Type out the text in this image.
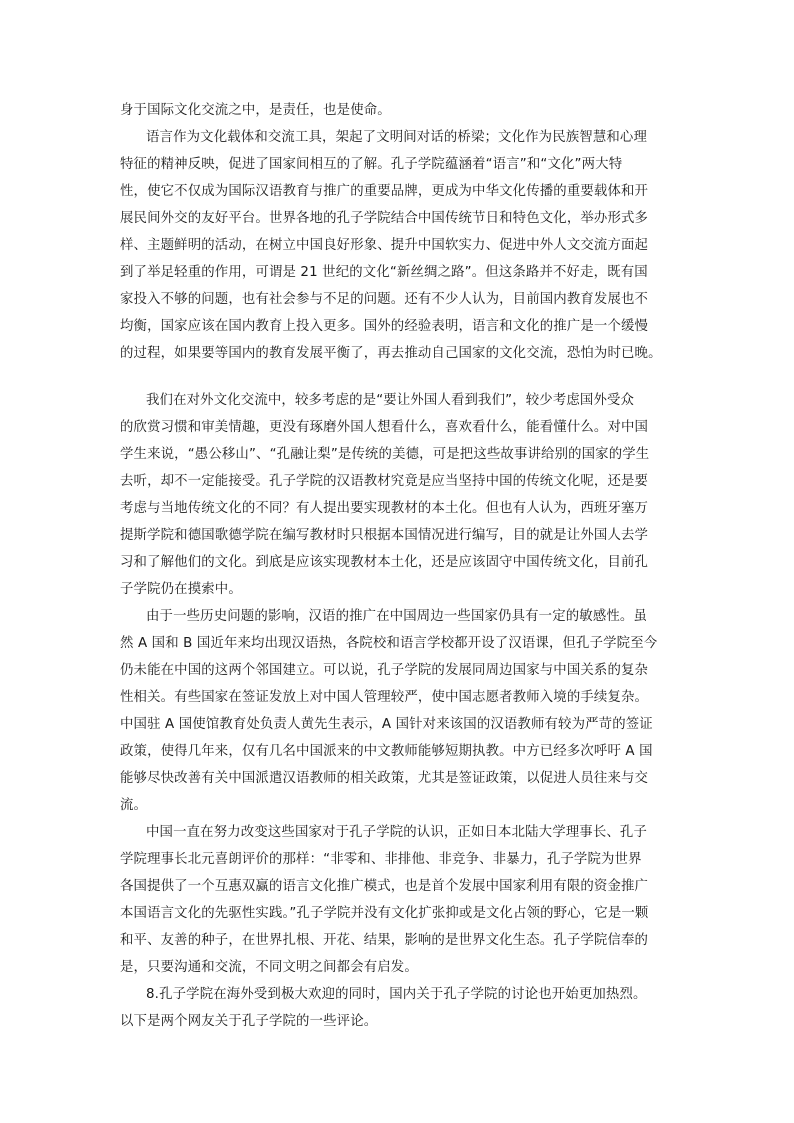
身于国际文化交流之中，是责任，也是使命。
语言作为文化载体和交流工具，架起了文明间对话的桥梁；文化作为民族智慧和心理
特征的精神反映，促进了国家间相互的了解。孔子学院蕴涵着“语言”和“文化”两大特
性，使它不仅成为国际汉语教育与推广的重要品牌，更成为中华文化传播的重要载体和开
展民间外交的友好平台。世界各地的孔子学院结合中国传统节日和特色文化，举办形式多
样、主题鲜明的活动，在树立中国良好形象、提升中国软实力、促进中外人文交流方面起
到了举足轻重的作用，可谓是 21 世纪的文化“新丝绸之路”。但这条路并不好走，既有国
家投入不够的问题，也有社会参与不足的问题。还有不少人认为，目前国内教育发展也不
均衡，国家应该在国内教育上投入更多。国外的经验表明，语言和文化的推广是一个缓慢
的过程，如果要等国内的教育发展平衡了，再去推动自己国家的文化交流，恐怕为时已晚。
我们在对外文化交流中，较多考虑的是“要让外国人看到我们”，较少考虑国外受众
的欣赏习惯和审美情趣，更没有琢磨外国人想看什么，喜欢看什么，能看懂什么。对中国
学生来说，“愚公移山”、“孔融让梨”是传统的美德，可是把这些故事讲给别的国家的学生
去听，却不一定能接受。孔子学院的汉语教材究竟是应当坚持中国的传统文化呢，还是要
考虑与当地传统文化的不同？有人提出要实现教材的本土化。但也有人认为，西班牙塞万
提斯学院和德国歌德学院在编写教材时只根据本国情况进行编写，目的就是让外国人去学
习和了解他们的文化。到底是应该实现教材本土化，还是应该固守中国传统文化，目前孔
子学院仍在摸索中。
由于一些历史问题的影响，汉语的推广在中国周边一些国家仍具有一定的敏感性。虽
然 A 国和 B 国近年来均出现汉语热，各院校和语言学校都开设了汉语课，但孔子学院至今
仍未能在中国的这两个邻国建立。可以说，孔子学院的发展同周边国家与中国关系的复杂
性相关。有些国家在签证发放上对中国人管理较严，使中国志愿者教师入境的手续复杂。
中国驻 A 国使馆教育处负责人黄先生表示，A 国针对来该国的汉语教师有较为严苛的签证
政策，使得几年来，仅有几名中国派来的中文教师能够短期执教。中方已经多次呼吁 A 国
能够尽快改善有关中国派遣汉语教师的相关政策，尤其是签证政策，以促进人员往来与交
流。
中国一直在努力改变这些国家对于孔子学院的认识，正如日本北陆大学理事长、孔子
学院理事长北元喜朗评价的那样：“非零和、非排他、非竞争、非暴力，孔子学院为世界
各国提供了一个互惠双赢的语言文化推广模式，也是首个发展中国家利用有限的资金推广
本国语言文化的先驱性实践。”孔子学院并没有文化扩张抑或是文化占领的野心，它是一颗
和平、友善的种子，在世界扎根、开花、结果，影响的是世界文化生态。孔子学院信奉的
是，只要沟通和交流，不同文明之间都会有启发。
8.孔子学院在海外受到极大欢迎的同时，国内关于孔子学院的讨论也开始更加热烈。
以下是两个网友关于孔子学院的一些评论。
